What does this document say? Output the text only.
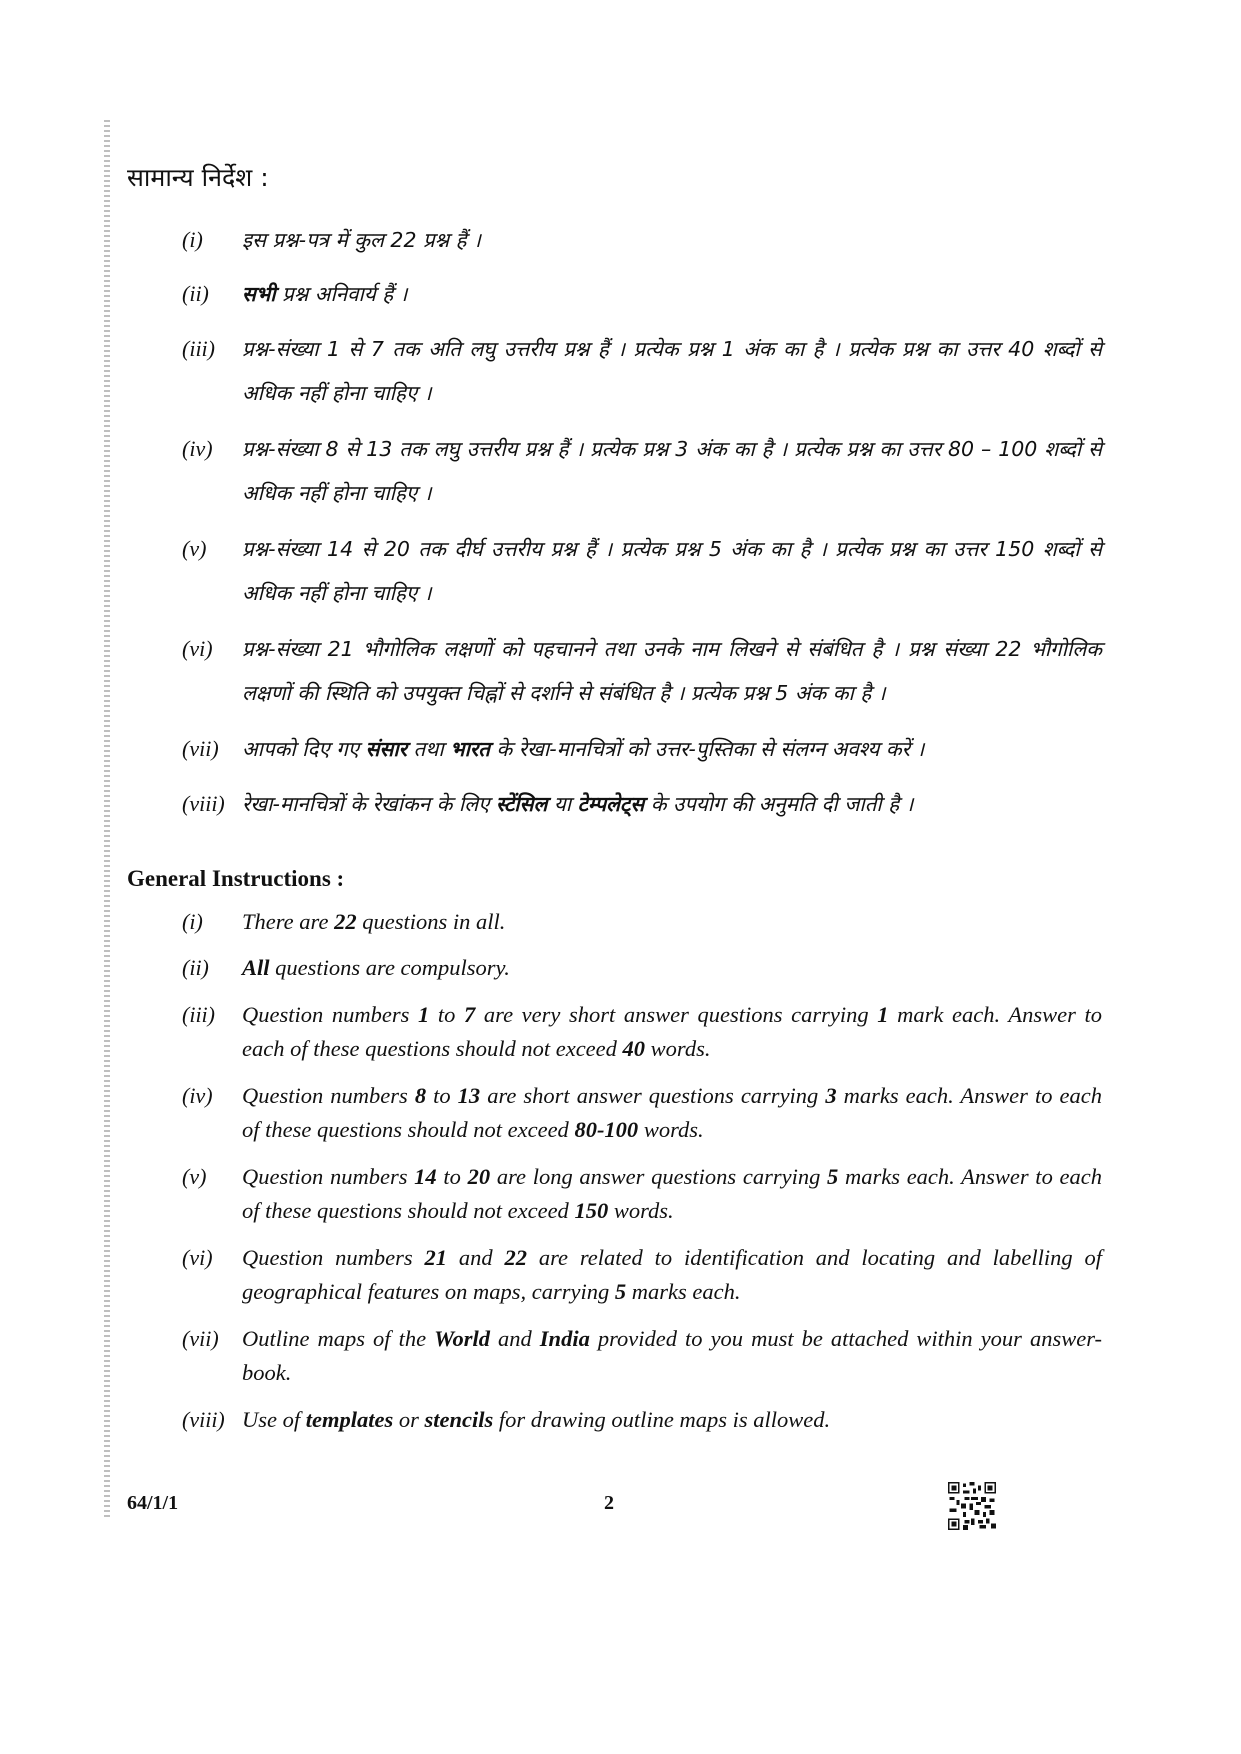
सामान्य निर्देश :
(i)	इस प्रश्न-पत्र में कुल 22 प्रश्न हैं ।
(ii)	सभी प्रश्न अनिवार्य हैं ।
(iii)	प्रश्न-संख्या 1 से 7 तक अति लघु उत्तरीय प्रश्न हैं । प्रत्येक प्रश्न 1 अंक का है । प्रत्येक प्रश्न का उत्तर 40 शब्दों से अधिक नहीं होना चाहिए ।
(iv)	प्रश्न-संख्या 8 से 13 तक लघु उत्तरीय प्रश्न हैं । प्रत्येक प्रश्न 3 अंक का है । प्रत्येक प्रश्न का उत्तर 80 – 100 शब्दों से अधिक नहीं होना चाहिए ।
(v)	प्रश्न-संख्या 14 से 20 तक दीर्घ उत्तरीय प्रश्न हैं । प्रत्येक प्रश्न 5 अंक का है । प्रत्येक प्रश्न का उत्तर 150 शब्दों से अधिक नहीं होना चाहिए ।
(vi)	प्रश्न-संख्या 21 भौगोलिक लक्षणों को पहचानने तथा उनके नाम लिखने से संबंधित है । प्रश्न संख्या 22 भौगोलिक लक्षणों की स्थिति को उपयुक्त चिह्नों से दर्शाने से संबंधित है । प्रत्येक प्रश्न 5 अंक का है ।
(vii)	आपको दिए गए संसार तथा भारत के रेखा-मानचित्रों को उत्तर-पुस्तिका से संलग्न अवश्य करें ।
(viii) रेखा-मानचित्रों के रेखांकन के लिए स्टेंसिल या टेम्पलेट्स के उपयोग की अनुमति दी जाती है ।
General Instructions :
(i)	There are 22 questions in all.
(ii)	All questions are compulsory.
(iii)	Question numbers 1 to 7 are very short answer questions carrying 1 mark each. Answer to each of these questions should not exceed 40 words.
(iv)	Question numbers 8 to 13 are short answer questions carrying 3 marks each. Answer to each of these questions should not exceed 80-100 words.
(v)	Question numbers 14 to 20 are long answer questions carrying 5 marks each. Answer to each of these questions should not exceed 150 words.
(vi)	Question numbers 21 and 22 are related to identification and locating and labelling of geographical features on maps, carrying 5 marks each.
(vii)	Outline maps of the World and India provided to you must be attached within your answer-book.
(viii) Use of templates or stencils for drawing outline maps is allowed.
64/1/1	2
